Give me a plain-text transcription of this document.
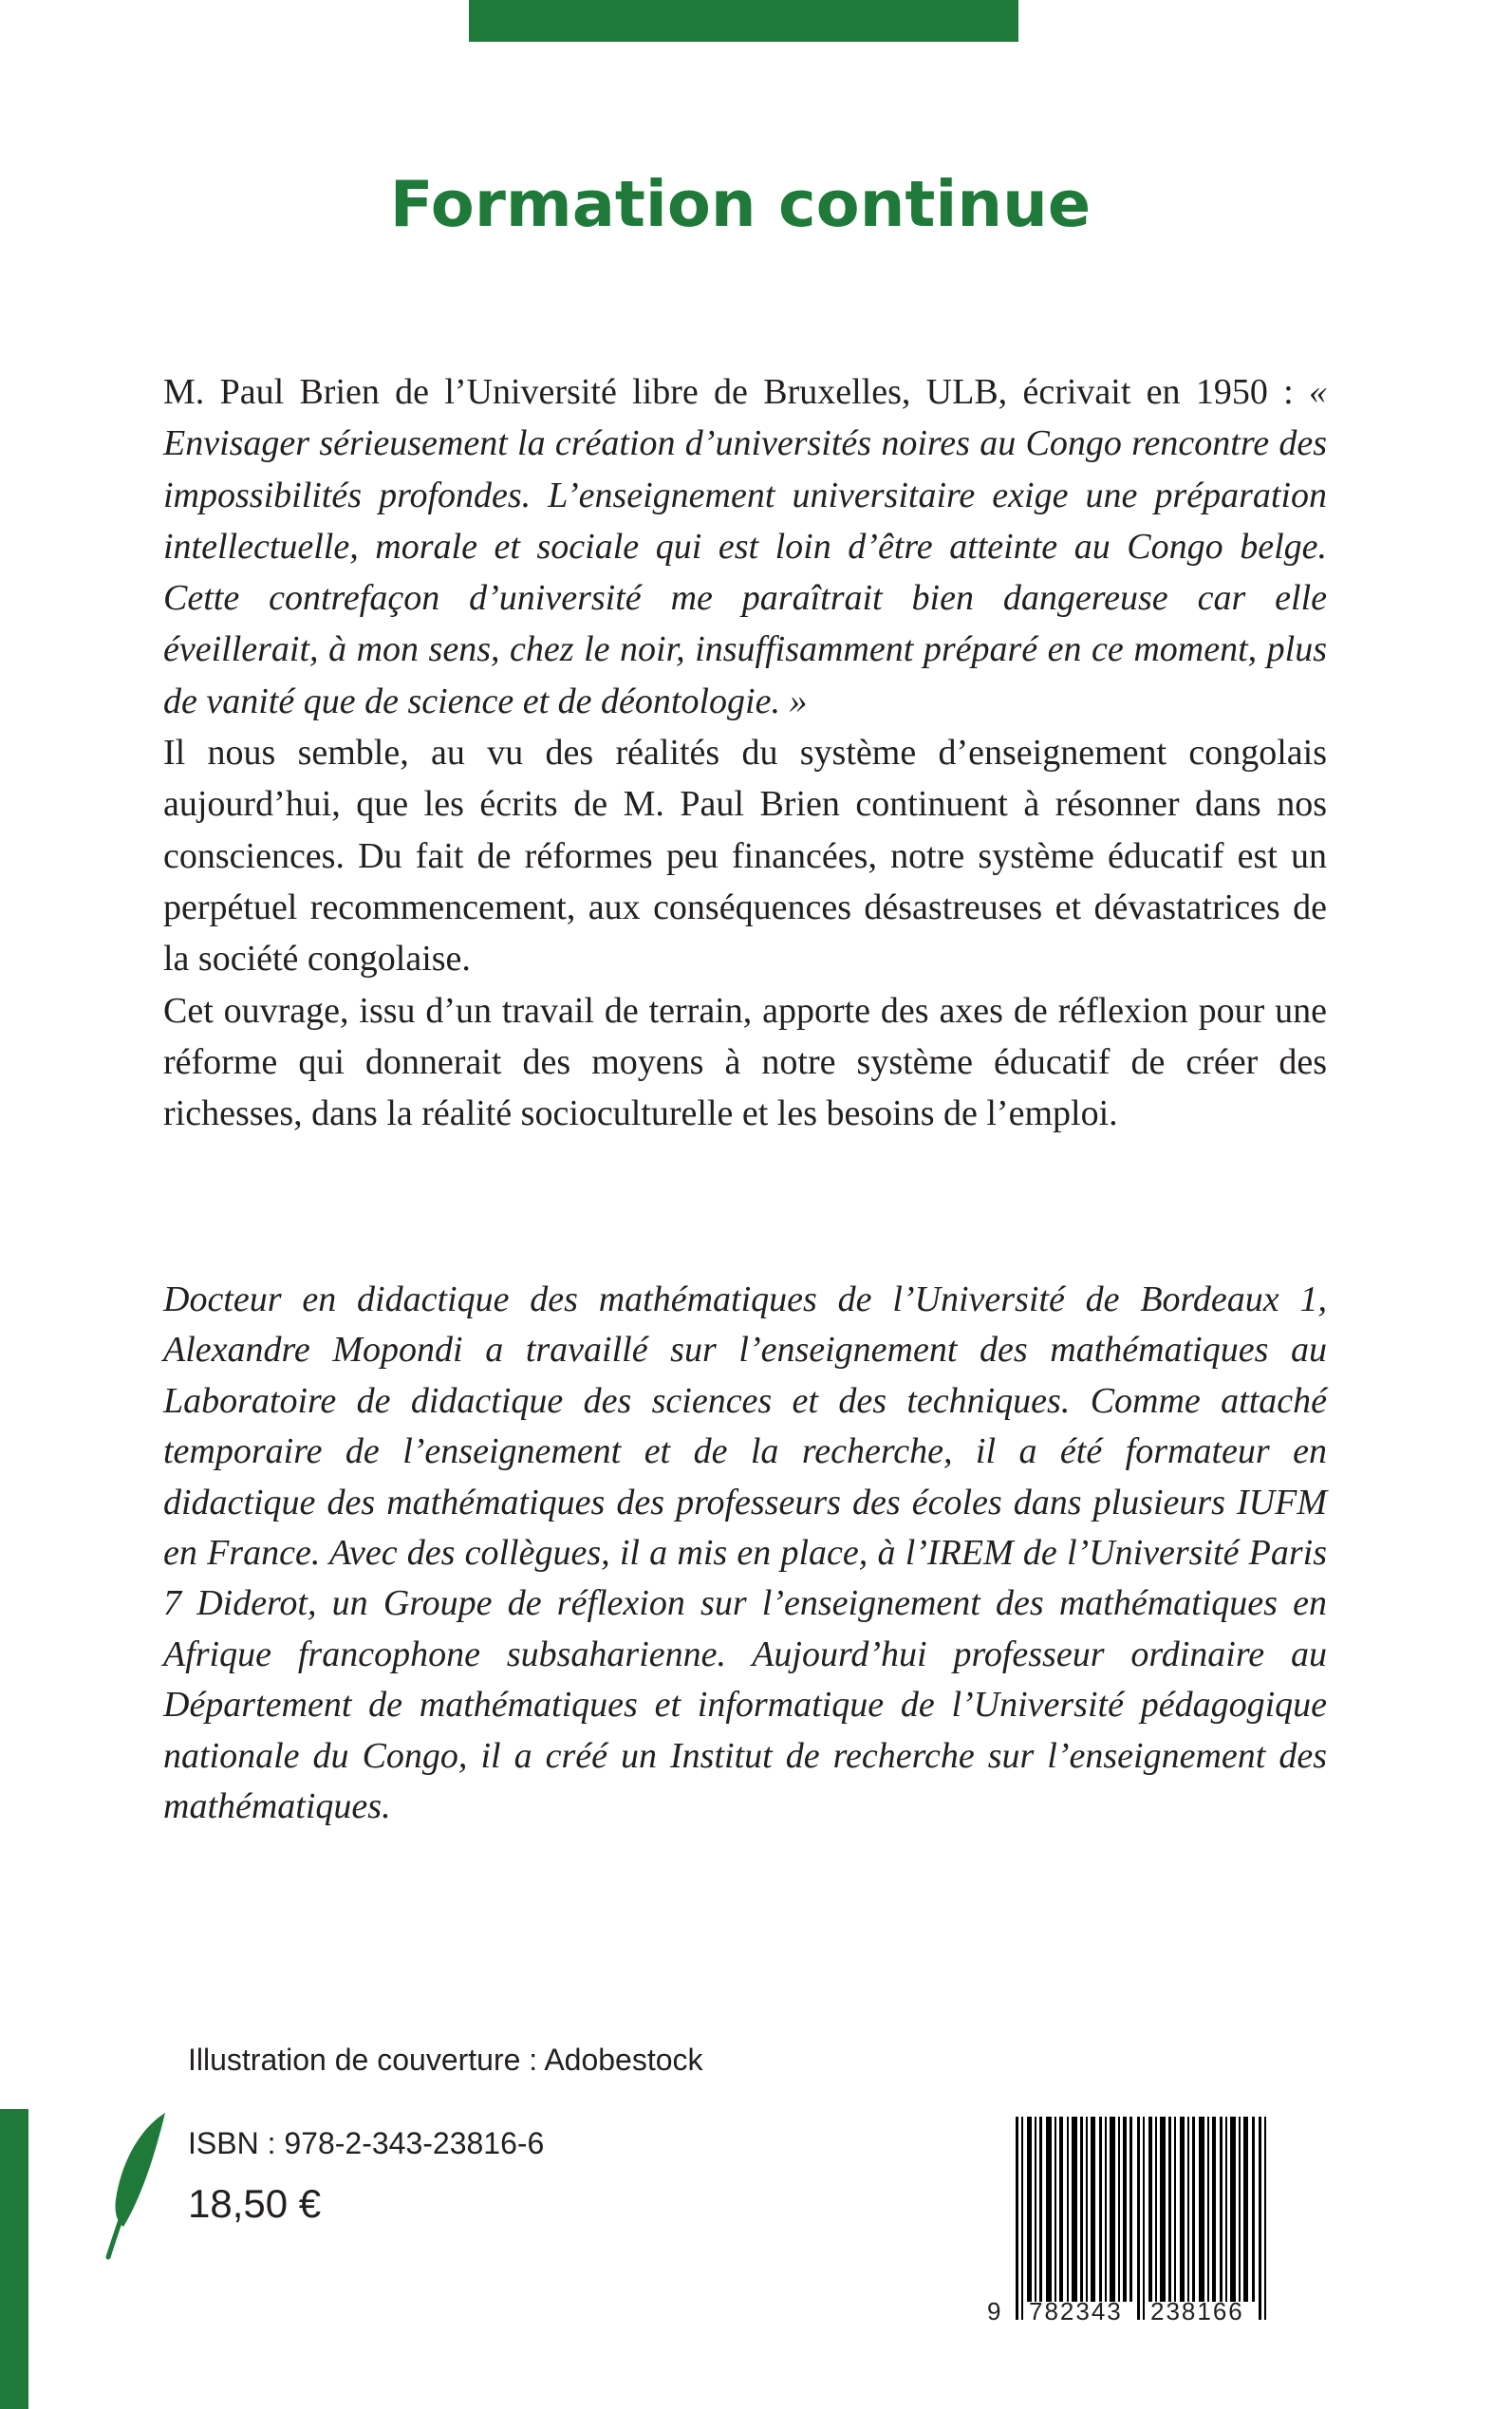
Formation continue

M. Paul Brien de l’Université libre de Bruxelles, ULB, écrivait en 1950 : « Envisager sérieusement la création d’universités noires au Congo rencontre des impossibilités profondes. L’enseignement universitaire exige une préparation intellectuelle, morale et sociale qui est loin d’être atteinte au Congo belge. Cette contrefaçon d’université me paraîtrait bien dangereuse car elle éveillerait, à mon sens, chez le noir, insuffisamment préparé en ce moment, plus de vanité que de science et de déontologie. »

Il nous semble, au vu des réalités du système d’enseignement congolais aujourd’hui, que les écrits de M. Paul Brien continuent à résonner dans nos consciences. Du fait de réformes peu financées, notre système éducatif est un perpétuel recommencement, aux conséquences désastreuses et dévastatrices de la société congolaise.

Cet ouvrage, issu d’un travail de terrain, apporte des axes de réflexion pour une réforme qui donnerait des moyens à notre système éducatif de créer des richesses, dans la réalité socioculturelle et les besoins de l’emploi.

Docteur en didactique des mathématiques de l’Université de Bordeaux 1, Alexandre Mopondi a travaillé sur l’enseignement des mathématiques au Laboratoire de didactique des sciences et des techniques. Comme attaché temporaire de l’enseignement et de la recherche, il a été formateur en didactique des mathématiques des professeurs des écoles dans plusieurs IUFM en France. Avec des collègues, il a mis en place, à l’IREM de l’Université Paris 7 Diderot, un Groupe de réflexion sur l’enseignement des mathématiques en Afrique francophone subsaharienne. Aujourd’hui professeur ordinaire au Département de mathématiques et informatique de l’Université pédagogique nationale du Congo, il a créé un Institut de recherche sur l’enseignement des mathématiques.

Illustration de couverture : Adobestock

ISBN : 978-2-343-23816-6

18,50 €

9 782343 238166
